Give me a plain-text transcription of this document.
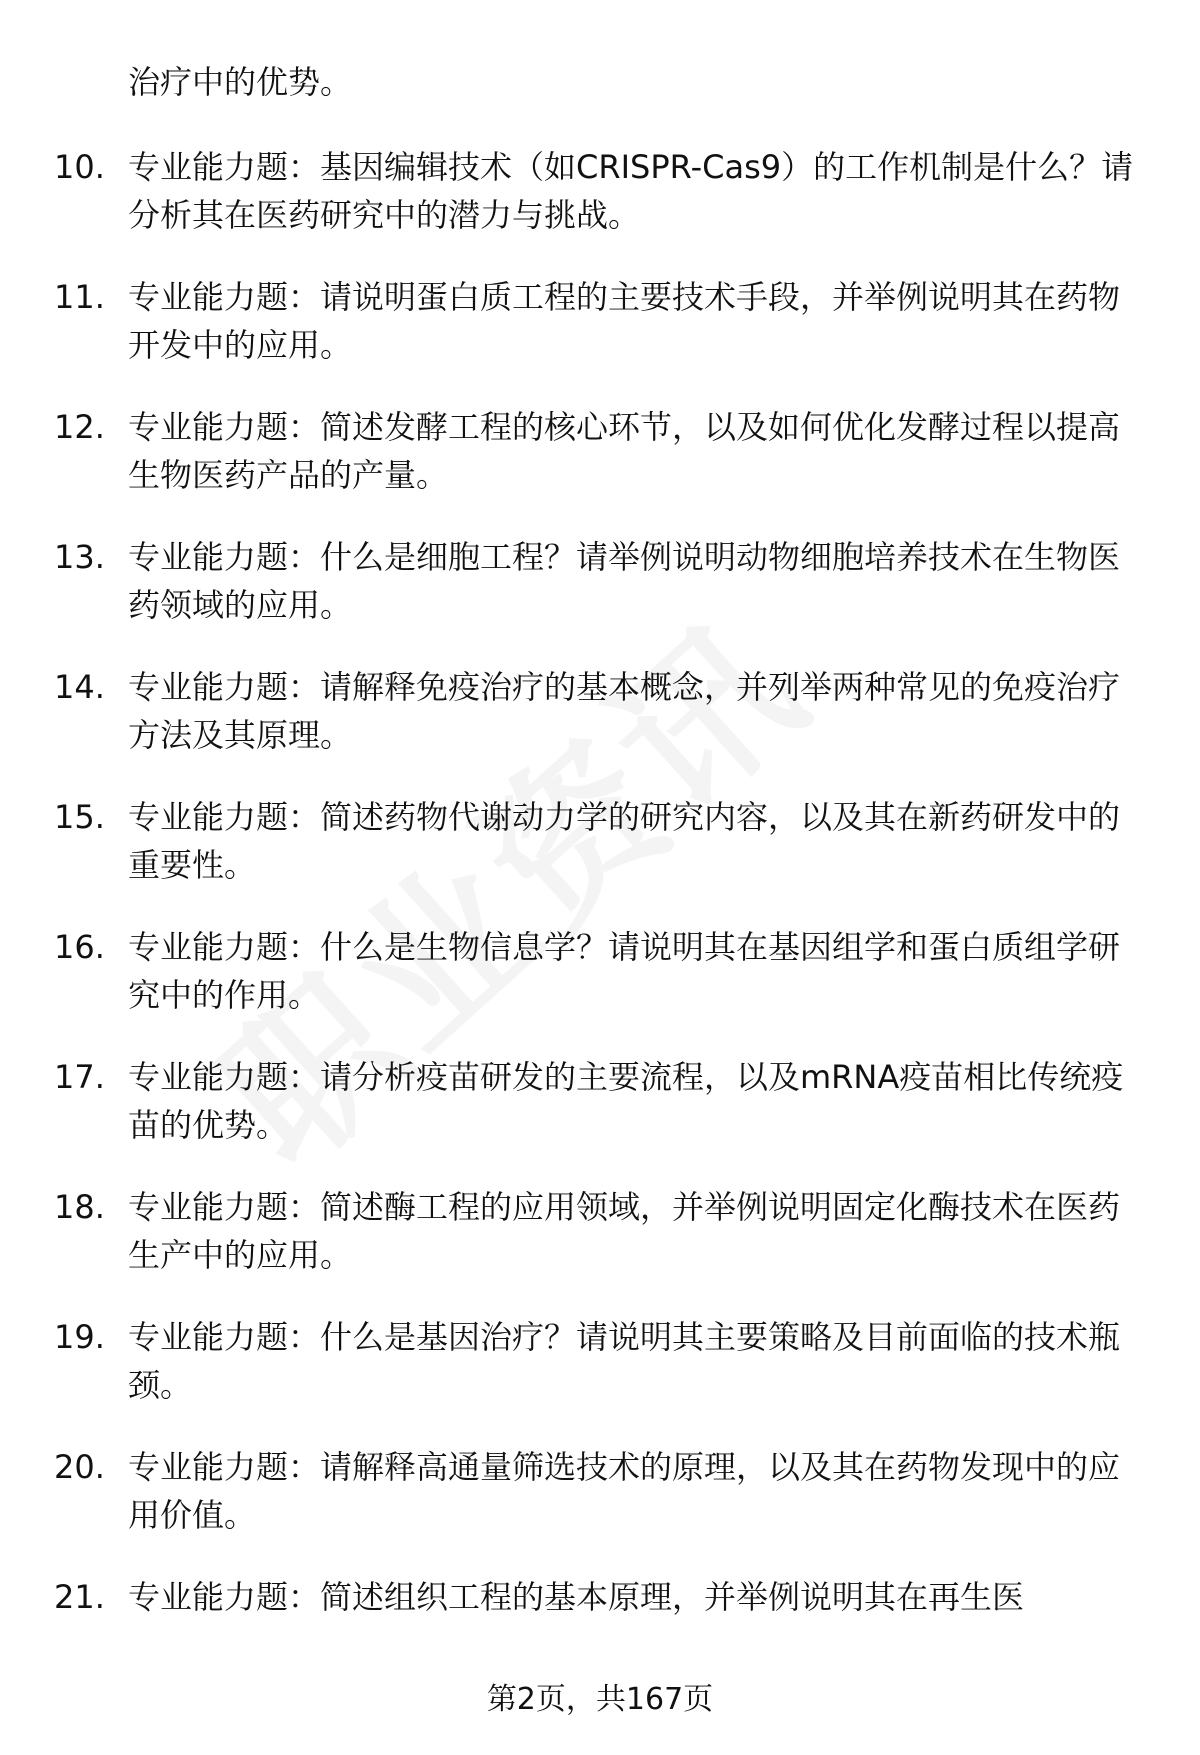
治疗中的优势。
10. 专业能力题：基因编辑技术（如CRISPR-Cas9）的工作机制是什么？请分析其在医药研究中的潜力与挑战。
11. 专业能力题：请说明蛋白质工程的主要技术手段，并举例说明其在药物开发中的应用。
12. 专业能力题：简述发酵工程的核心环节，以及如何优化发酵过程以提高生物医药产品的产量。
13. 专业能力题：什么是细胞工程？请举例说明动物细胞培养技术在生物医药领域的应用。
14. 专业能力题：请解释免疫治疗的基本概念，并列举两种常见的免疫治疗方法及其原理。
15. 专业能力题：简述药物代谢动力学的研究内容，以及其在新药研发中的重要性。
16. 专业能力题：什么是生物信息学？请说明其在基因组学和蛋白质组学研究中的作用。
17. 专业能力题：请分析疫苗研发的主要流程，以及mRNA疫苗相比传统疫苗的优势。
18. 专业能力题：简述酶工程的应用领域，并举例说明固定化酶技术在医药生产中的应用。
19. 专业能力题：什么是基因治疗？请说明其主要策略及目前面临的技术瓶颈。
20. 专业能力题：请解释高通量筛选技术的原理，以及其在药物发现中的应用价值。
21. 专业能力题：简述组织工程的基本原理，并举例说明其在再生医
第2页，共167页
